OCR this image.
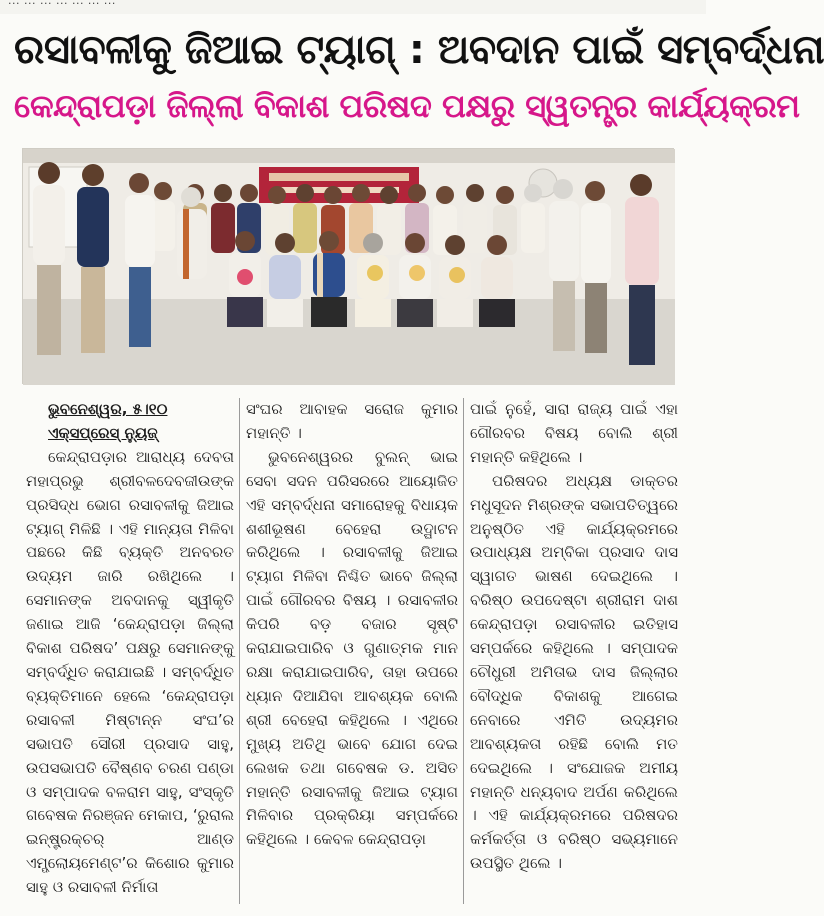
... ... ... ... ... ... ...
ରସାବଳୀକୁ ଜିଆଇ ଟ୍ୟାଗ୍ : ଅବଦାନ ପାଇଁ ସମ୍ବର୍ଦ୍ଧନା
କେନ୍ଦ୍ରାପଡ଼ା ଜିଲ୍ଲା ବିକାଶ ପରିଷଦ ପକ୍ଷରୁ ସ୍ୱତନ୍ତ୍ର କାର୍ଯ୍ୟକ୍ରମ

ଭୁବନେଶ୍ୱର, ୫।୧୦

ଏକ୍ସପ୍ରେସ୍ ନ୍ୟୁଜ୍

କେନ୍ଦ୍ରାପଡ଼ାର ଆରାଧ୍ୟ ଦେବତା ମହାପ୍ରଭୁ ଶ୍ରୀବଳଦେବଜୀଉଙ୍କ ପ୍ରସିଦ୍ଧ ଭୋଗ ରସାବଳୀକୁ ଜିଆଇ ଟ୍ୟାଗ୍ ମିଳିଛି । ଏହି ମାନ୍ୟତା ମିଳିବା ପଛରେ କିଛି ବ୍ୟକ୍ତି ଅନବରତ ଉଦ୍ୟମ ଜାରି ରଖିଥିଲେ । ସେମାନଙ୍କ ଅବଦାନକୁ ସ୍ୱୀକୃତି ଜଣାଇ ଆଜି ‘କେନ୍ଦ୍ରାପଡ଼ା ଜିଲ୍ଲା ବିକାଶ ପରିଷଦ’ ପକ୍ଷରୁ ସେମାନଙ୍କୁ ସମ୍ବର୍ଦ୍ଧିତ କରାଯାଇଛି । ସମ୍ବର୍ଦ୍ଧିତ ବ୍ୟକ୍ତିମାନେ ହେଲେ ‘କେନ୍ଦ୍ରାପଡ଼ା ରସାବଳୀ ମିଷ୍ଟାନ୍ନ ସଂଘ’ର ସଭାପତି ସୌରୀ ପ୍ରସାଦ ସାହୁ, ଉପସଭାପତି ବୈଷ୍ଣବ ଚରଣ ପଣ୍ଡା ଓ ସମ୍ପାଦକ ବଳରାମ ସାହୁ, ସଂସ୍କୃତି ଗବେଷକ ନିରଞ୍ଜନ ମେକାପ, ‘ରୁରାଲ ଇନ୍ଷ୍ଟ୍ରକ୍ଚର୍ ଆଣ୍ଡ ଏମ୍ପ୍ଲୋୟମେଣ୍ଟ’ର କିଶୋର କୁମାର ସାହୁ ଓ ରସାବଳୀ ନିର୍ମାତା

ସଂଘର ଆବାହକ ସରୋଜ କୁମାର ମହାନ୍ତି ।

ଭୁବନେଶ୍ୱରର ବୁଲନ୍ ଭାଇ ସେବା ସଦନ ପରିସରରେ ଆୟୋଜିତ ଏହି ସମ୍ବର୍ଦ୍ଧନା ସମାରୋହକୁ ବିଧାୟକ ଶଶୀଭୂଷଣ ବେହେରା ଉଦ୍ଘାଟନ କରିଥିଲେ । ରସାବଳୀକୁ ଜିଆଇ ଟ୍ୟାଗ ମିଳିବା ନିଶ୍ଚିତ ଭାବେ ଜିଲ୍ଲା ପାଇଁ ଗୌରବର ବିଷୟ । ରସାବଳୀର କିପରି ବଡ଼ ବଜାର ସୃଷ୍ଟି କରାଯାଇପାରିବ ଓ ଗୁଣାତ୍ମକ ମାନ ରକ୍ଷା କରାଯାଇପାରିବ, ତାହା ଉପରେ ଧ୍ୟାନ ଦିଆଯିବା ଆବଶ୍ୟକ ବୋଲି ଶ୍ରୀ ବେହେରା କହିଥିଲେ । ଏଥିରେ ମୁଖ୍ୟ ଅତିଥି ଭାବେ ଯୋଗ ଦେଇ ଲେଖକ ତଥା ଗବେଷକ ଡ. ଅସିତ ମହାନ୍ତି ରସାବଳୀକୁ ଜିଆଇ ଟ୍ୟାଗ ମିଳିବାର ପ୍ରକ୍ରିୟା ସମ୍ପର୍କରେ କହିଥିଲେ । କେବଳ କେନ୍ଦ୍ରାପଡ଼ା

ପାଇଁ ନୁହେଁ, ସାରା ରାଜ୍ୟ ପାଇଁ ଏହା ଗୌରବର ବିଷୟ ବୋଲି ଶ୍ରୀ ମହାନ୍ତି କହିଥିଲେ ।

ପରିଷଦର ଅଧ୍ୟକ୍ଷ ଡାକ୍ତର ମଧୁସୂଦନ ମିଶ୍ରଙ୍କ ସଭାପତିତ୍ୱରେ ଅନୁଷ୍ଠିତ ଏହି କାର୍ଯ୍ୟକ୍ରମରେ ଉପାଧ୍ୟକ୍ଷ ଅମ୍ବିକା ପ୍ରସାଦ ଦାସ ସ୍ୱାଗତ ଭାଷଣ ଦେଇଥିଲେ । ବରିଷ୍ଠ ଉପଦେଷ୍ଟା ଶ୍ରୀରାମ ଦାଶ କେନ୍ଦ୍ରାପଡ଼ା ରସାବଳୀର ଇତିହାସ ସମ୍ପର୍କରେ କହିଥିଲେ । ସମ୍ପାଦକ ଚୌଧୁରୀ ଅମିତାଭ ଦାସ ଜିଲ୍ଲାର ବୌଦ୍ଧିକ ବିକାଶକୁ ଆଗେଇ ନେବାରେ ଏମିତି ଉଦ୍ୟମର ଆବଶ୍ୟକତା ରହିଛି ବୋଲି ମତ ଦେଇଥିଲେ । ସଂଯୋଜକ ଅମୀୟ ମହାନ୍ତି ଧନ୍ୟବାଦ ଅର୍ପଣ କରିଥିଲେ । ଏହି କାର୍ଯ୍ୟକ୍ରମରେ ପରିଷଦର କର୍ମକର୍ତ୍ତା ଓ ବରିଷ୍ଠ ସଭ୍ୟମାନେ ଉପସ୍ଥିତ ଥିଲେ ।
